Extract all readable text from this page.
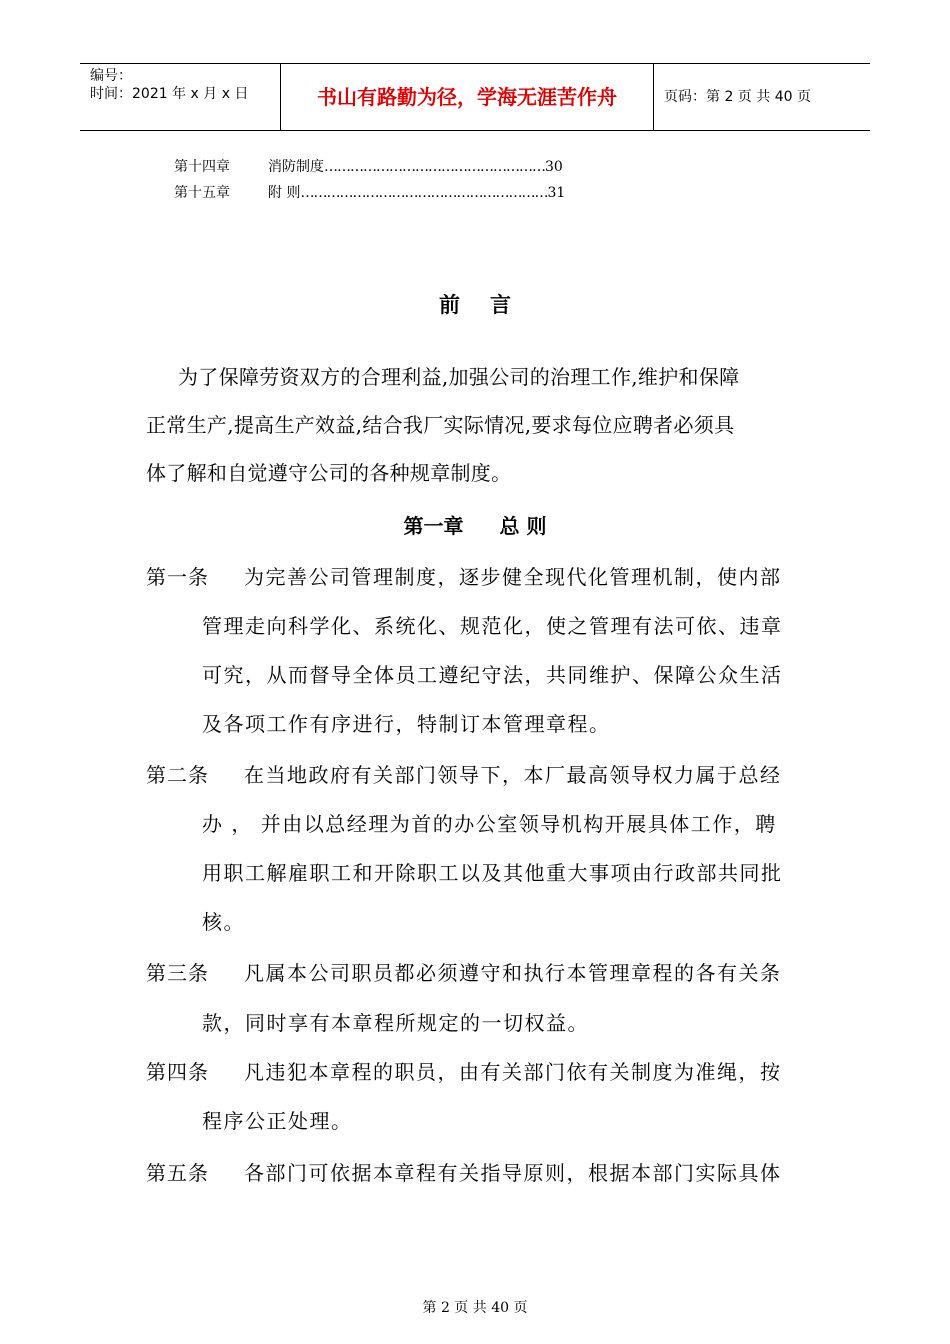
编号：
时间：2021 年 x 月 x 日	书山有路勤为径，学海无涯苦作舟	页码：第 2 页 共 40 页
第十四章	消防制度……………………………………………30
第十五章	附 则…………………………………………………31
前言
为了保障劳资双方的合理利益,加强公司的治理工作,维护和保障
正常生产,提高生产效益,结合我厂实际情况,要求每位应聘者必须具
体了解和自觉遵守公司的各种规章制度。
第一章 总 则
第一条 为完善公司管理制度，逐步健全现代化管理机制，使内部
管理走向科学化、系统化、规范化，使之管理有法可依、违章
可究，从而督导全体员工遵纪守法，共同维护、保障公众生活
及各项工作有序进行，特制订本管理章程。
第二条 在当地政府有关部门领导下，本厂最高领导权力属于总经
办 ， 并由以总经理为首的办公室领导机构开展具体工作，聘
用职工解雇职工和开除职工以及其他重大事项由行政部共同批
核。
第三条 凡属本公司职员都必须遵守和执行本管理章程的各有关条
款，同时享有本章程所规定的一切权益。
第四条 凡违犯本章程的职员，由有关部门依有关制度为准绳，按
程序公正处理。
第五条 各部门可依据本章程有关指导原则，根据本部门实际具体
第 2 页 共 40 页
